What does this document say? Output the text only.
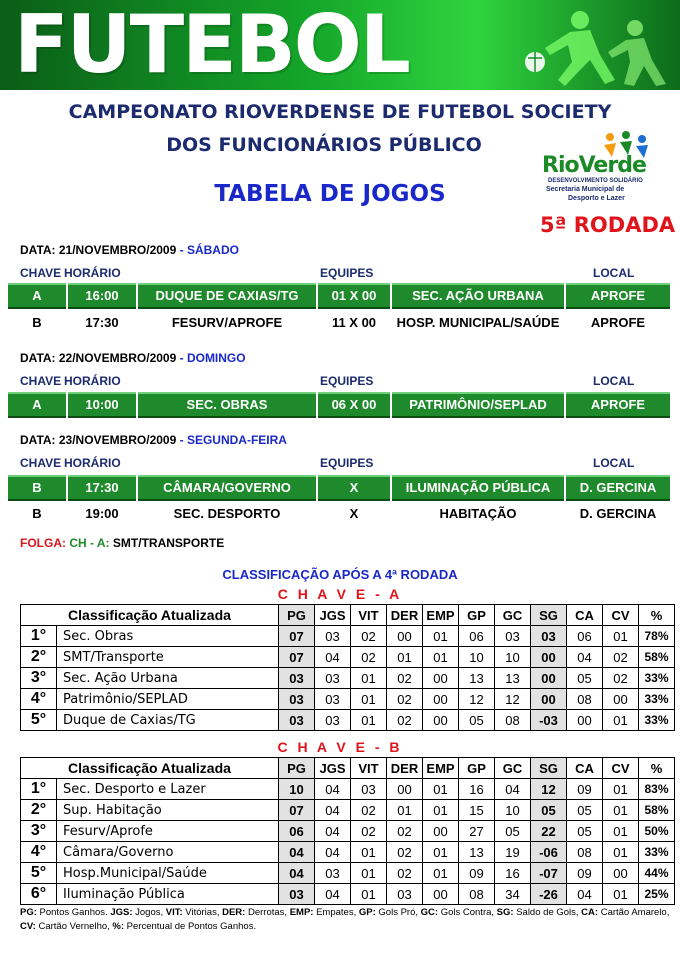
FUTEBOL
CAMPEONATO RIOVERDENSE DE FUTEBOL SOCIETY
DOS FUNCIONÁRIOS PÚBLICO
TABELA DE JOGOS
RioVerde
DESENVOLVIMENTO SOLIDÁRIO
Secretaria Municipal de
Desporto e Lazer
5ª RODADA
DATA: 21/NOVEMBRO/2009 - SÁBADO
CHAVE HORÁRIO	EQUIPES	LOCAL
A	16:00	DUQUE DE CAXIAS/TG	01 X 00	SEC. AÇÃO URBANA	APROFE
B	17:30	FESURV/APROFE	11 X 00	HOSP. MUNICIPAL/SAÚDE	APROFE
DATA: 22/NOVEMBRO/2009 - DOMINGO
CHAVE HORÁRIO	EQUIPES	LOCAL
A	10:00	SEC. OBRAS	06 X 00	PATRIMÔNIO/SEPLAD	APROFE
DATA: 23/NOVEMBRO/2009 - SEGUNDA-FEIRA
CHAVE HORÁRIO	EQUIPES	LOCAL
B	17:30	CÂMARA/GOVERNO	X	ILUMINAÇÃO PÚBLICA	D. GERCINA
B	19:00	SEC. DESPORTO	X	HABITAÇÃO	D. GERCINA
FOLGA: CH - A: SMT/TRANSPORTE
CLASSIFICAÇÃO APÓS A 4ª RODADA
C H A V E - A
Classificação Atualizada		PG	JGS	VIT	DER	EMP	GP	GC	SG	CA	CV	%
1°	Sec. Obras	07	03	02	00	01	06	03	03	06	01	78%
2°	SMT/Transporte	07	04	02	01	01	10	10	00	04	02	58%
3°	Sec. Ação Urbana	03	03	01	02	00	13	13	00	05	02	33%
4°	Patrimônio/SEPLAD	03	03	01	02	00	12	12	00	08	00	33%
5°	Duque de Caxias/TG	03	03	01	02	00	05	08	-03	00	01	33%
C H A V E - B
Classificação Atualizada		PG	JGS	VIT	DER	EMP	GP	GC	SG	CA	CV	%
1°	Sec. Desporto e Lazer	10	04	03	00	01	16	04	12	09	01	83%
2°	Sup. Habitação	07	04	02	01	01	15	10	05	05	01	58%
3°	Fesurv/Aprofe	06	04	02	02	00	27	05	22	05	01	50%
4°	Câmara/Governo	04	04	01	02	01	13	19	-06	08	01	33%
5°	Hosp.Municipal/Saúde	04	03	01	02	01	09	16	-07	09	00	44%
6°	Iluminação Pública	03	04	01	03	00	08	34	-26	04	01	25%
PG: Pontos Ganhos. JGS: Jogos, VIT: Vitórias, DER: Derrotas, EMP: Empates, GP: Gols Pró, GC: Gols Contra, SG: Saldo de Gols, CA: Cartão Amarelo, CV: Cartão Vernelho, %: Percentual de Pontos Ganhos.
